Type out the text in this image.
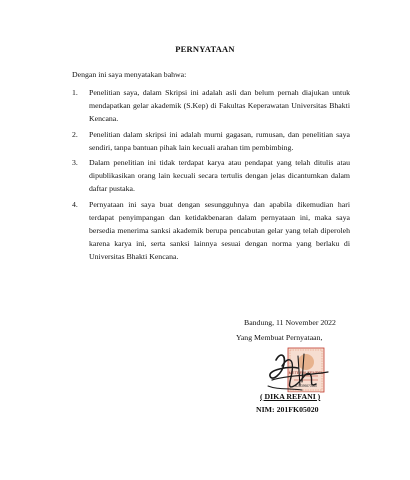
PERNYATAAN
Dengan ini saya menyatakan bahwa:
1. Penelitian saya, dalam Skripsi ini adalah asli dan belum pernah diajukan untuk mendapatkan gelar akademik (S.Kep) di Fakultas Keperawatan Universitas Bhakti Kencana.
2. Penelitian dalam skripsi ini adalah murni gagasan, rumusan, dan penelitian saya sendiri, tanpa bantuan pihak lain kecuali arahan tim pembimbing.
3. Dalam penelitian ini tidak terdapat karya atau pendapat yang telah ditulis atau dipublikasikan orang lain kecuali secara tertulis dengan jelas dicantumkan dalam daftar pustaka.
4. Pernyataan ini saya buat dengan sesungguhnya dan apabila dikemudian hari terdapat penyimpangan dan ketidakbenaran dalam pernyataan ini, maka saya bersedia menerima sanksi akademik berupa pencabutan gelar yang telah diperoleh karena karya ini, serta sanksi lainnya sesuai dengan norma yang berlaku di Universitas Bhakti Kencana.
Bandung, 11 November 2022
Yang Membuat Pernyataan,
METERAI TEMPEL
AJX399870566
( DIKA REFANI )
NIM: 201FK05020
